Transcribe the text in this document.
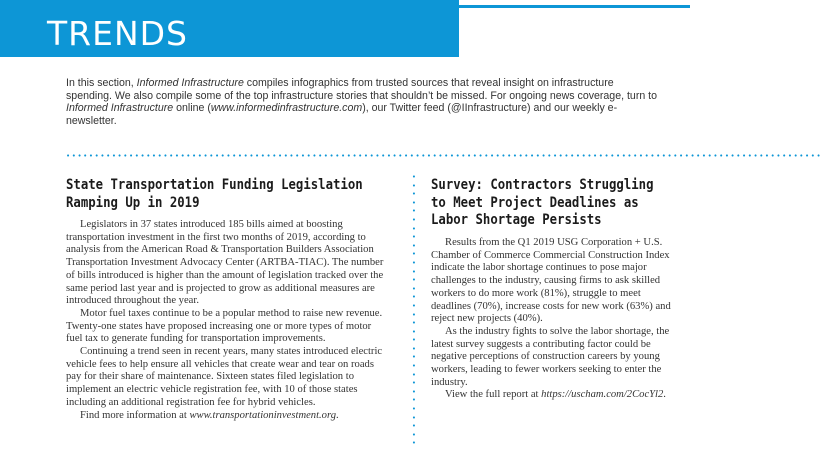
TRENDS

In this section, Informed Infrastructure compiles infographics from trusted sources that reveal insight on infrastructure spending. We also compile some of the top infrastructure stories that shouldn’t be missed. For ongoing news coverage, turn to Informed Infrastructure online (www.informedinfrastructure.com), our Twitter feed (@IInfrastructure) and our weekly e-newsletter.

••••••••••••••••••••••••••••••••••••••••••••••••••••••••••••••••••••••••••••••••••••••••••••••••••••••••••••••••••••••••••••••••••••
•
•
•
•
•
•
•
•
•
•
•
•
•
•
•
•
•
•
•
•
•
•
•
•
•
•
•
•
•
•
•
•
State Transportation Funding Legislation Ramping Up in 2019

Legislators in 37 states introduced 185 bills aimed at boosting transportation investment in the first two months of 2019, according to analysis from the American Road & Transportation Builders Association Transportation Investment Advocacy Center (ARTBA-TIAC). The number of bills introduced is higher than the amount of legislation tracked over the same period last year and is projected to grow as additional measures are introduced throughout the year.

Motor fuel taxes continue to be a popular method to raise new revenue. Twenty-one states have proposed increasing one or more types of motor fuel tax to generate funding for transportation improvements.

Continuing a trend seen in recent years, many states introduced electric vehicle fees to help ensure all vehicles that create wear and tear on roads pay for their share of maintenance. Sixteen states filed legislation to implement an electric vehicle registration fee, with 10 of those states including an additional registration fee for hybrid vehicles.

Find more information at www.transportationinvestment.org.

Survey: Contractors Struggling to Meet Project Deadlines as Labor Shortage Persists

Results from the Q1 2019 USG Corporation + U.S. Chamber of Commerce Commercial Construction Index indicate the labor shortage continues to pose major challenges to the industry, causing firms to ask skilled workers to do more work (81%), struggle to meet deadlines (70%), increase costs for new work (63%) and reject new projects (40%).

As the industry fights to solve the labor shortage, the latest survey suggests a contributing factor could be negative perceptions of construction careers by young workers, leading to fewer workers seeking to enter the industry.

View the full report at https://uscham.com/2CocYl2.
